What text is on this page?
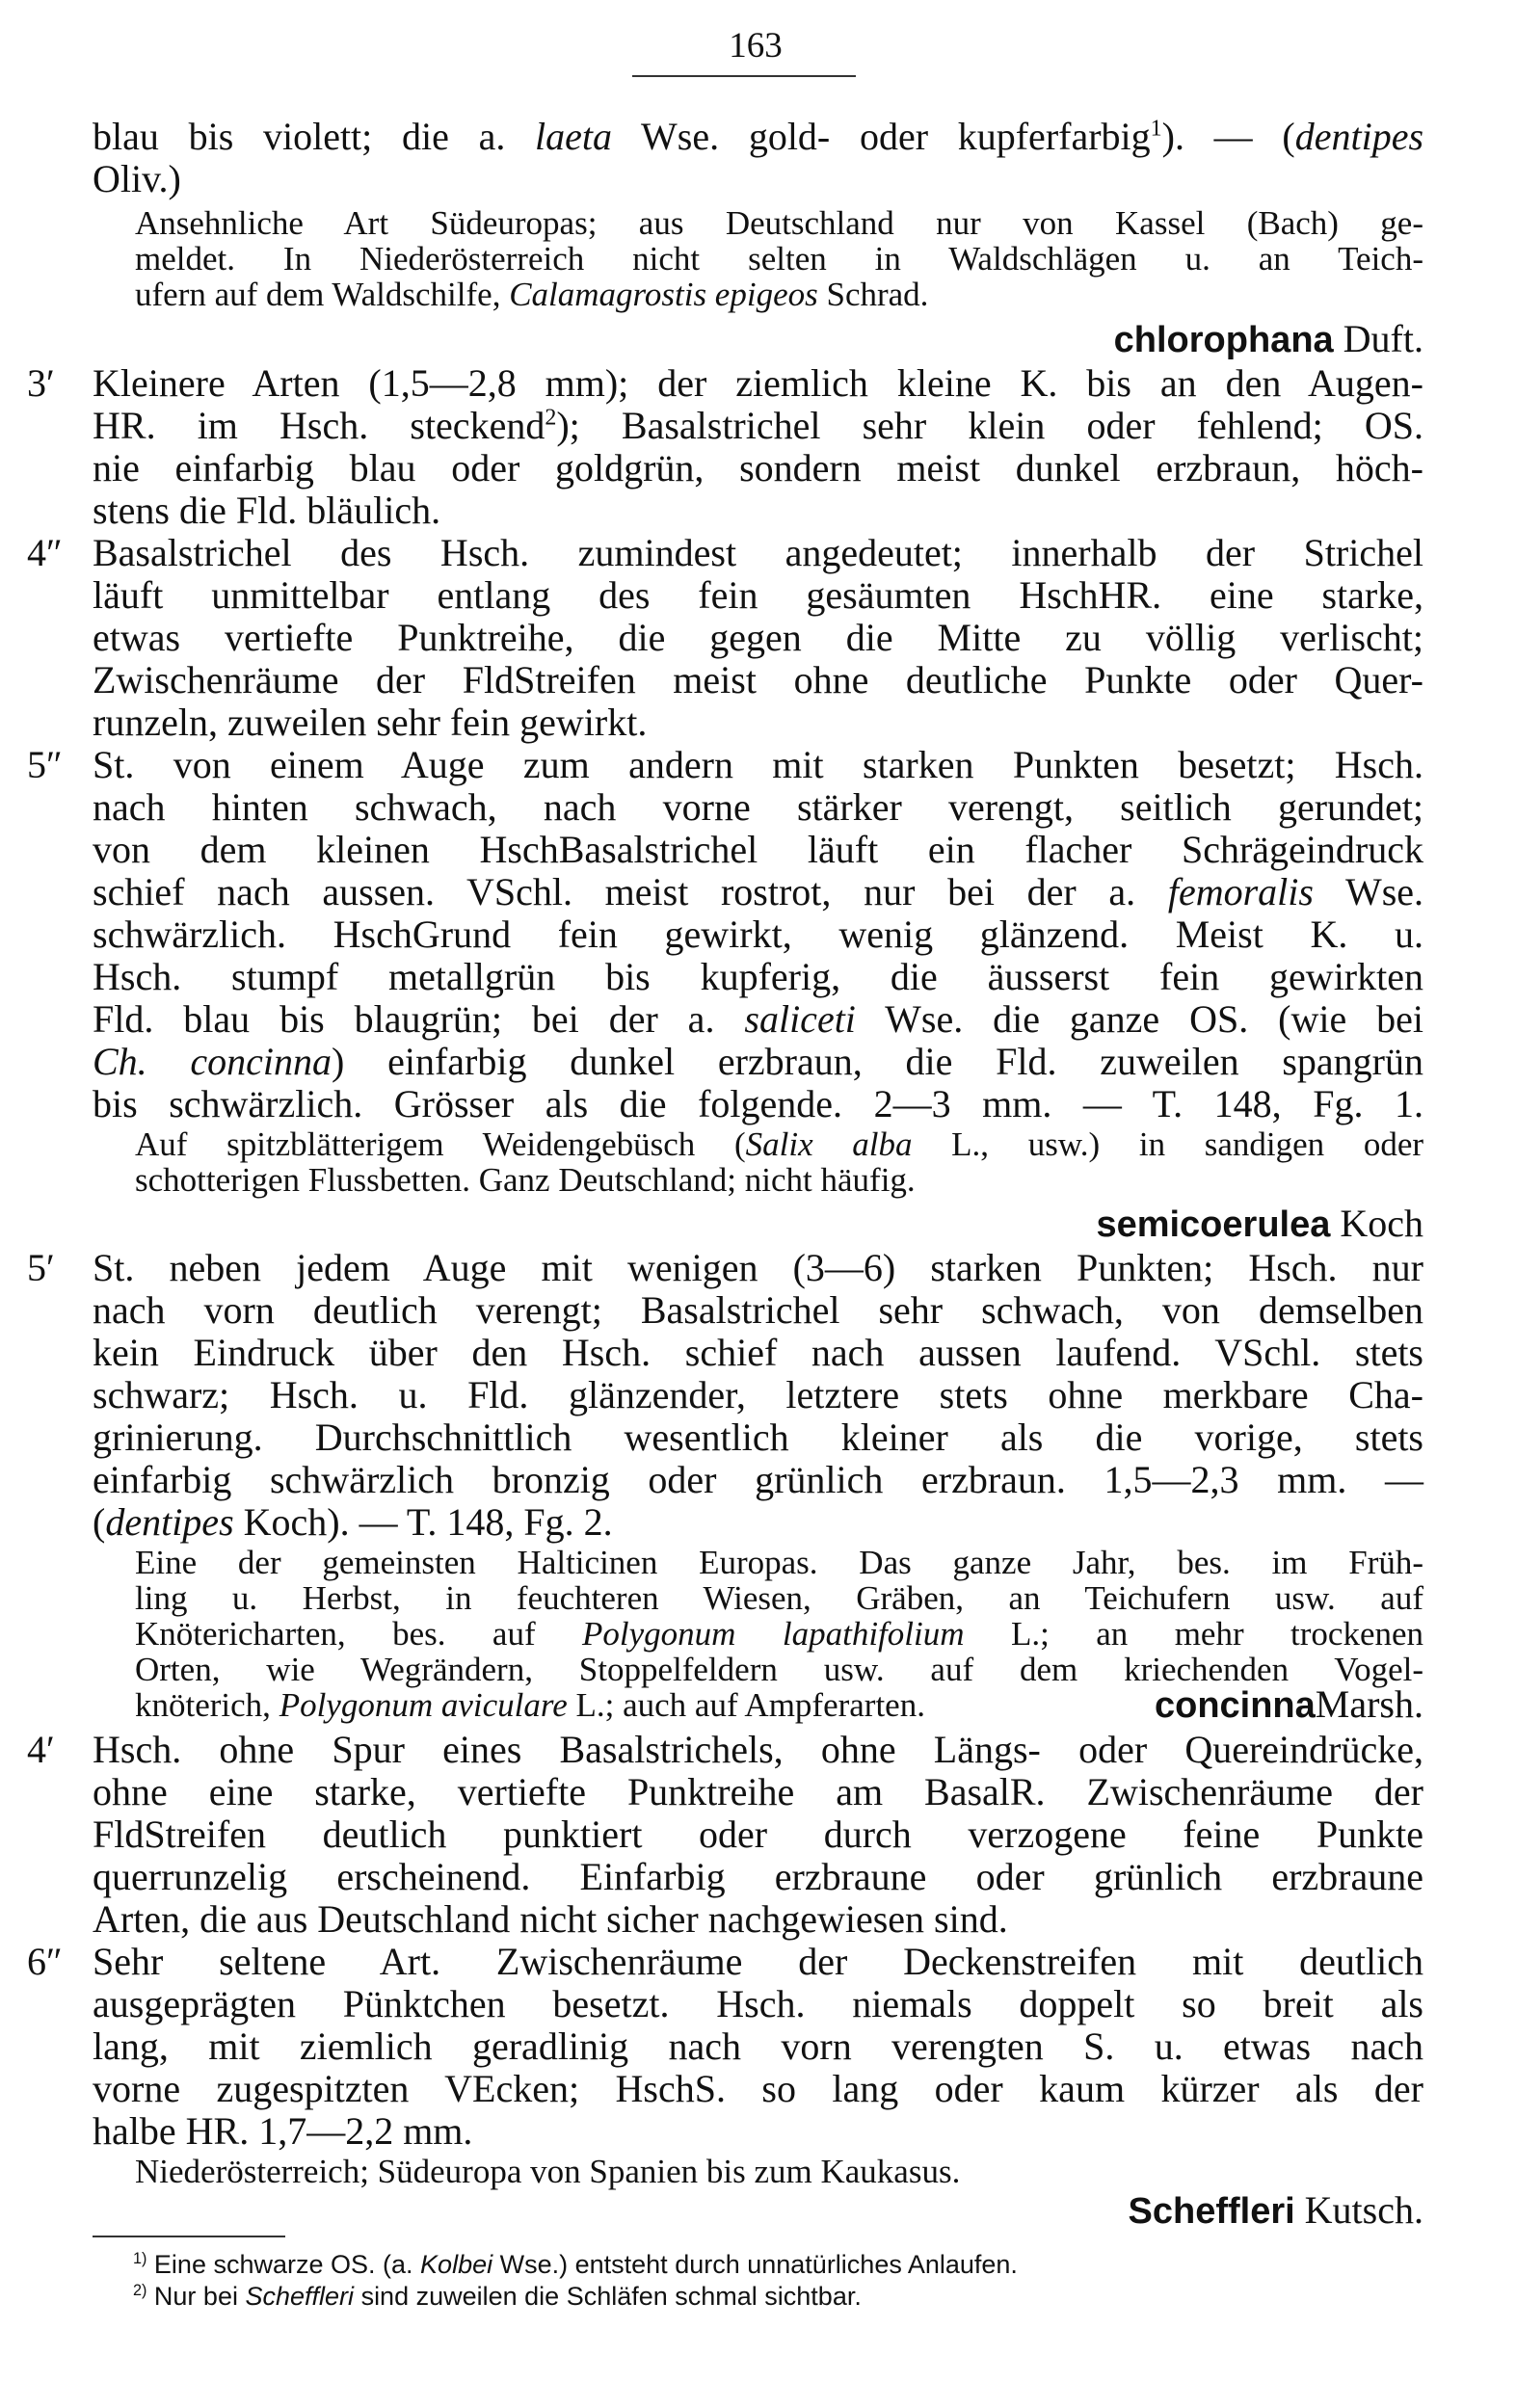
163
blau bis violett; die a. laeta Wse. gold- oder kupferfarbig$^1$). — (dentipes
Oliv.)
Ansehnliche Art Südeuropas; aus Deutschland nur von Kassel (Bach) ge-
meldet. In Niederösterreich nicht selten in Waldschlägen u. an Teich-
ufern auf dem Waldschilfe, Calamagrostis epigeos Schrad.
chlorophana Duft.
3′ Kleinere Arten (1,5—2,8 mm); der ziemlich kleine K. bis an den Augen-
HR. im Hsch. steckend$^2$); Basalstrichel sehr klein oder fehlend; OS.
nie einfarbig blau oder goldgrün, sondern meist dunkel erzbraun, höch-
stens die Fld. bläulich.
4″ Basalstrichel des Hsch. zumindest angedeutet; innerhalb der Strichel
läuft unmittelbar entlang des fein gesäumten HschHR. eine starke,
etwas vertiefte Punktreihe, die gegen die Mitte zu völlig verlischt;
Zwischenräume der FldStreifen meist ohne deutliche Punkte oder Quer-
runzeln, zuweilen sehr fein gewirkt.
5″ St. von einem Auge zum andern mit starken Punkten besetzt; Hsch.
nach hinten schwach, nach vorne stärker verengt, seitlich gerundet;
von dem kleinen HschBasalstrichel läuft ein flacher Schrägeindruck
schief nach aussen. VSchl. meist rostrot, nur bei der a. femoralis Wse.
schwärzlich. HschGrund fein gewirkt, wenig glänzend. Meist K. u.
Hsch. stumpf metallgrün bis kupferig, die äusserst fein gewirkten
Fld. blau bis blaugrün; bei der a. saliceti Wse. die ganze OS. (wie bei
Ch. concinna) einfarbig dunkel erzbraun, die Fld. zuweilen spangrün
bis schwärzlich. Grösser als die folgende. 2—3 mm. — T. 148, Fg. 1.
Auf spitzblätterigem Weidengebüsch (Salix alba L., usw.) in sandigen oder
schotterigen Flussbetten. Ganz Deutschland; nicht häufig.
semicoerulea Koch
5′ St. neben jedem Auge mit wenigen (3—6) starken Punkten; Hsch. nur
nach vorn deutlich verengt; Basalstrichel sehr schwach, von demselben
kein Eindruck über den Hsch. schief nach aussen laufend. VSchl. stets
schwarz; Hsch. u. Fld. glänzender, letztere stets ohne merkbare Cha-
grinierung. Durchschnittlich wesentlich kleiner als die vorige, stets
einfarbig schwärzlich bronzig oder grünlich erzbraun. 1,5—2,3 mm. —
(dentipes Koch). — T. 148, Fg. 2.
Eine der gemeinsten Halticinen Europas. Das ganze Jahr, bes. im Früh-
ling u. Herbst, in feuchteren Wiesen, Gräben, an Teichufern usw. auf
Knötericharten, bes. auf Polygonum lapathifolium L.; an mehr trockenen
Orten, wie Wegrändern, Stoppelfeldern usw. auf dem kriechenden Vogel-
knöterich, Polygonum aviculare L.; auch auf Ampferarten.	concinnaMarsh.
4′ Hsch. ohne Spur eines Basalstrichels, ohne Längs- oder Quereindrücke,
ohne eine starke, vertiefte Punktreihe am BasalR. Zwischenräume der
FldStreifen deutlich punktiert oder durch verzogene feine Punkte
querrunzelig erscheinend. Einfarbig erzbraune oder grünlich erzbraune
Arten, die aus Deutschland nicht sicher nachgewiesen sind.
6″ Sehr seltene Art. Zwischenräume der Deckenstreifen mit deutlich
ausgeprägten Pünktchen besetzt. Hsch. niemals doppelt so breit als
lang, mit ziemlich geradlinig nach vorn verengten S. u. etwas nach
vorne zugespitzten VEcken; HschS. so lang oder kaum kürzer als der
halbe HR. 1,7—2,2 mm.
Niederösterreich; Südeuropa von Spanien bis zum Kaukasus.
Scheffleri Kutsch.
$^{1)}$ Eine schwarze OS. (a. Kolbei Wse.) entsteht durch unnatürliches Anlaufen.
$^{2)}$ Nur bei Scheffleri sind zuweilen die Schläfen schmal sichtbar.
